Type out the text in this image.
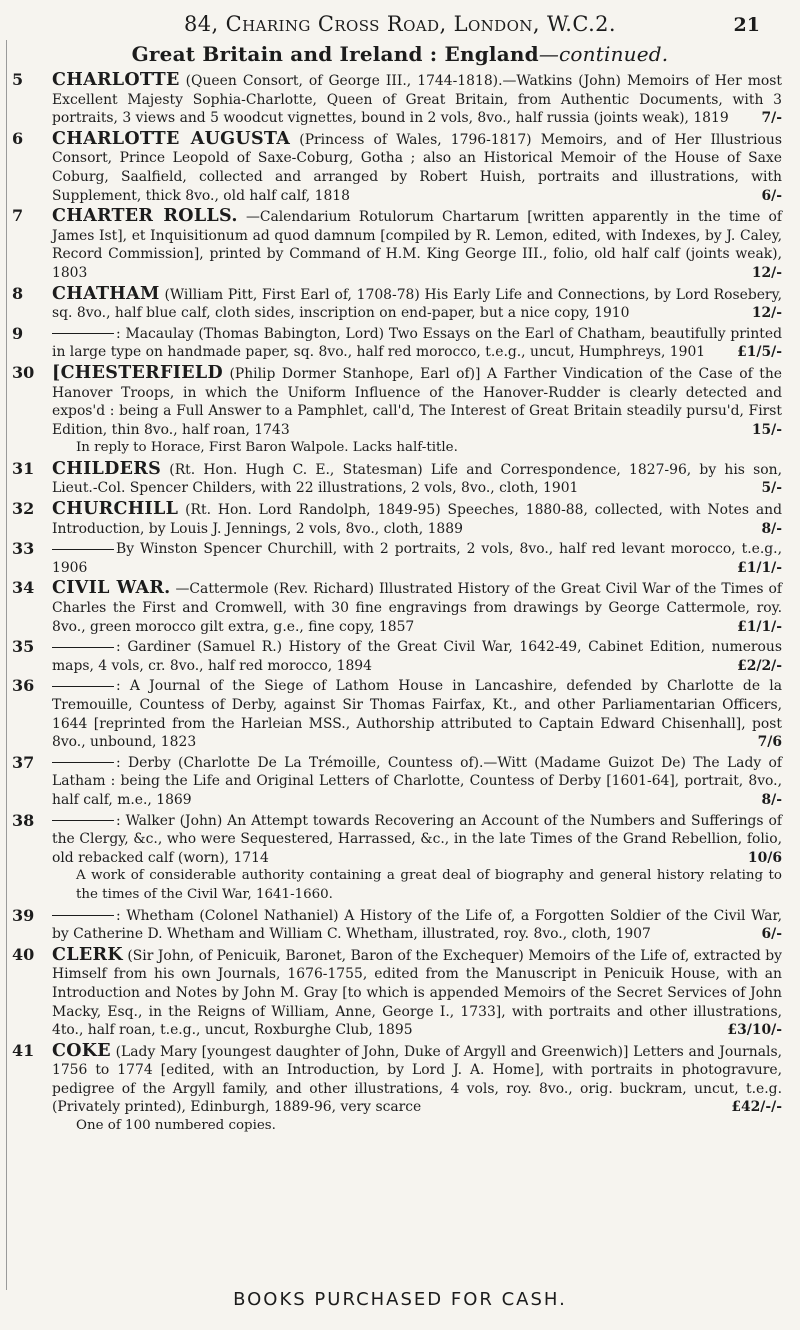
84, Charing Cross Road, London, W.C.2.	21
Great Britain and Ireland : England—continued.
5	CHARLOTTE (Queen Consort, of George III., 1744-1818).—Watkins (John) Memoirs of Her most Excellent Majesty Sophia-Charlotte, Queen of Great Britain, from Authentic Documents, with 3 portraits, 3 views and 5 woodcut vignettes, bound in 2 vols, 8vo., half russia (joints weak), 1819	7/-
6	CHARLOTTE AUGUSTA (Princess of Wales, 1796-1817) Memoirs, and of Her Illustrious Consort, Prince Leopold of Saxe-Coburg, Gotha ; also an Historical Memoir of the House of Saxe Coburg, Saalfield, collected and arranged by Robert Huish, portraits and illustrations, with Supplement, thick 8vo., old half calf, 1818	6/-
7	CHARTER ROLLS. —Calendarium Rotulorum Chartarum [written apparently in the time of James Ist], et Inquisitionum ad quod damnum [compiled by R. Lemon, edited, with Indexes, by J. Caley, Record Commission], printed by Command of H.M. King George III., folio, old half calf (joints weak), 1803	12/-
8	CHATHAM (William Pitt, First Earl of, 1708-78) His Early Life and Connections, by Lord Rosebery, sq. 8vo., half blue calf, cloth sides, inscription on end-paper, but a nice copy, 1910	12/-
9	: Macaulay (Thomas Babington, Lord) Two Essays on the Earl of Chatham, beautifully printed in large type on handmade paper, sq. 8vo., half red morocco, t.e.g., uncut, Humphreys, 1901	£1/5/-
30	[CHESTERFIELD (Philip Dormer Stanhope, Earl of)] A Farther Vindication of the Case of the Hanover Troops, in which the Uniform Influence of the Hanover-Rudder is clearly detected and expos'd : being a Full Answer to a Pamphlet, call'd, The Interest of Great Britain steadily pursu'd, First Edition, thin 8vo., half roan, 1743	15/-
In reply to Horace, First Baron Walpole. Lacks half-title.
31	CHILDERS (Rt. Hon. Hugh C. E., Statesman) Life and Correspondence, 1827-96, by his son, Lieut.-Col. Spencer Childers, with 22 illustrations, 2 vols, 8vo., cloth, 1901	5/-
32	CHURCHILL (Rt. Hon. Lord Randolph, 1849-95) Speeches, 1880-88, collected, with Notes and Introduction, by Louis J. Jennings, 2 vols, 8vo., cloth, 1889	8/-
33	By Winston Spencer Churchill, with 2 portraits, 2 vols, 8vo., half red levant morocco, t.e.g., 1906	£1/1/-
34	CIVIL WAR. —Cattermole (Rev. Richard) Illustrated History of the Great Civil War of the Times of Charles the First and Cromwell, with 30 fine engravings from drawings by George Cattermole, roy. 8vo., green morocco gilt extra, g.e., fine copy, 1857	£1/1/-
35	: Gardiner (Samuel R.) History of the Great Civil War, 1642-49, Cabinet Edition, numerous maps, 4 vols, cr. 8vo., half red morocco, 1894	£2/2/-
36	: A Journal of the Siege of Lathom House in Lancashire, defended by Charlotte de la Tremouille, Countess of Derby, against Sir Thomas Fairfax, Kt., and other Parliamentarian Officers, 1644 [reprinted from the Harleian MSS., Authorship attributed to Captain Edward Chisenhall], post 8vo., unbound, 1823	7/6
37	: Derby (Charlotte De La Trémoille, Countess of).—Witt (Madame Guizot De) The Lady of Latham : being the Life and Original Letters of Charlotte, Countess of Derby [1601-64], portrait, 8vo., half calf, m.e., 1869	8/-
38	: Walker (John) An Attempt towards Recovering an Account of the Numbers and Sufferings of the Clergy, &c., who were Sequestered, Harrassed, &c., in the late Times of the Grand Rebellion, folio, old rebacked calf (worn), 1714	10/6
A work of considerable authority containing a great deal of biography and general history relating to the times of the Civil War, 1641-1660.
39	: Whetham (Colonel Nathaniel) A History of the Life of, a Forgotten Soldier of the Civil War, by Catherine D. Whetham and William C. Whetham, illustrated, roy. 8vo., cloth, 1907	6/-
40	CLERK (Sir John, of Penicuik, Baronet, Baron of the Exchequer) Memoirs of the Life of, extracted by Himself from his own Journals, 1676-1755, edited from the Manuscript in Penicuik House, with an Introduction and Notes by John M. Gray [to which is appended Memoirs of the Secret Services of John Macky, Esq., in the Reigns of William, Anne, George I., 1733], with portraits and other illustrations, 4to., half roan, t.e.g., uncut, Roxburghe Club, 1895	£3/10/-
41	COKE (Lady Mary [youngest daughter of John, Duke of Argyll and Greenwich)] Letters and Journals, 1756 to 1774 [edited, with an Introduction, by Lord J. A. Home], with portraits in photogravure, pedigree of the Argyll family, and other illustrations, 4 vols, roy. 8vo., orig. buckram, uncut, t.e.g. (Privately printed), Edinburgh, 1889-96, very scarce	£42/-/-
One of 100 numbered copies.
BOOKS PURCHASED FOR CASH.
